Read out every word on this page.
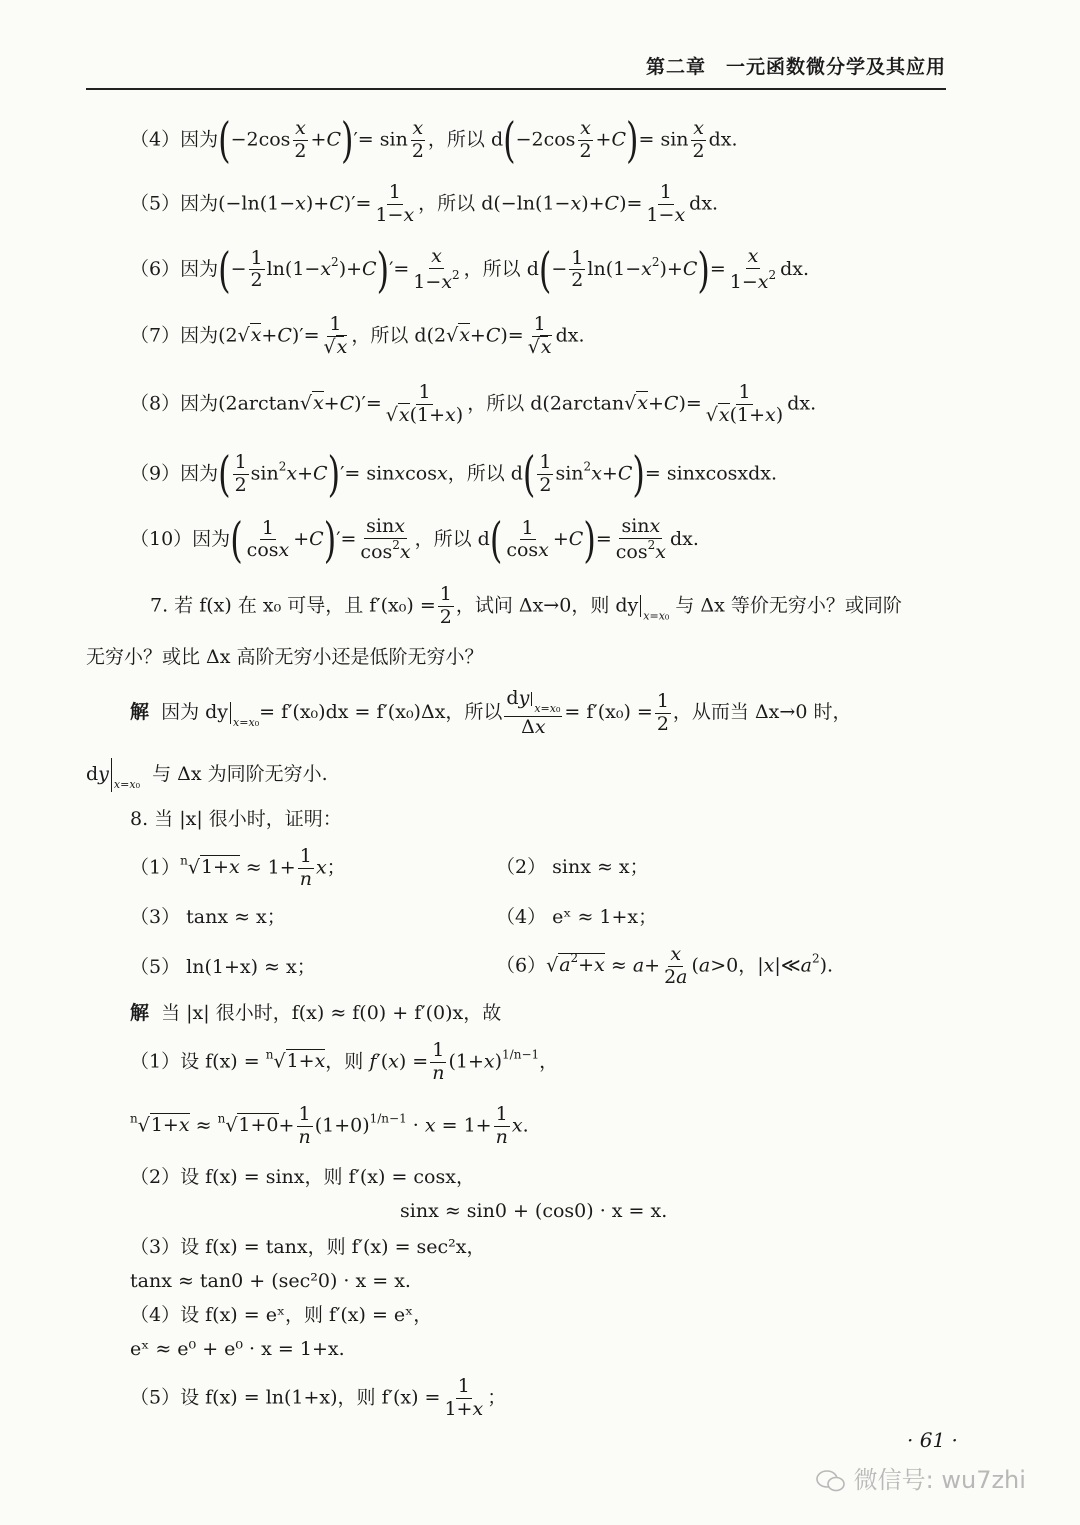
第二章　一元函数微分学及其应用
（4）因为$(-2\cos \frac{x}{2} +C)'= \sin \frac{x}{2}$ ，所以 $d(-2\cos \frac{x}{2} +C)= \sin \frac{x}{2}$ dx.
（5）因为$(-\ln(1-x)+C)'= \frac{1}{1-x}$ ，所以 $d(-\ln(1-x)+C)= \frac{1}{1-x}$ dx.
（6）因为(− $\frac{1}{2} \ln(1-x^2)+C)'= \frac{x}{1-x^2}$ ，所以 $d(- \frac{1}{2} \ln(1-x^2)+C)= \frac{x}{1-x^2}$ dx.
（7）因为$(2√x+C)'= \frac{1}{√x}$ ，所以 $d(2√x+C)= \frac{1}{√x}$ dx.
（8）因为$(2\arctan√x+C)'= \frac{1}{√x(1+x)}$ ，所以 $d(2\arctan√x+C)= \frac{1}{√x(1+x)}$ dx.
（9）因为( $\frac{1}{2} \sin^2x+C)'=$ sinxcosx，所以 $d( \frac{1}{2} \sin^2x+C)=$ sinxcosxdx.
（10）因为( $\frac{1}{\cos x} +C)'= \frac{\sin x}{\cos^2x}$ ，所以 $d( \frac{1}{\cos x} +C)= \frac{\sin x}{\cos^2x}$ dx.
7. 若 f(x) 在 x₀ 可导，且 $f'(x_0) = \frac{1}{2}$ ，试问 Δx→0，则 dy $_{x=x_0}$ 与 Δx 等价无穷小？或同阶
无穷小？或比 Δx 高阶无穷小还是低阶无穷小？
解 因为 dy $_{x=x_0}$= f′(x₀)dx = f′(x₀)Δx，所以 $\frac{dy _{x=x_0}}{\Delta x} = f'(x_0) = \frac{1}{2}$ ，从而当 Δx→0 时，
dy $_{x=x_0}$ 与 Δx 为同阶无穷小.
8. 当 |x| 很小时，证明：
$(1)^n√1+x \approx 1+ \frac{1}{n}$ x；	（2） sinx ≈ x；
（3） tanx ≈ x；	（4） eˣ ≈ 1+x；
（5） ln(1+x) ≈ x；	$(6)√a^2+x \approx a+ \frac{x}{2a} (a>0$，$|x|≪a^2$).
解 当 |x| 很小时，f(x) ≈ f(0) + f′(0)x，故
（1）设 f(x) = $^n$√1+x，则 $f'(x) = \frac{1}{n} (1+x)^{1/n-1}$，
$^n√1+x \approx ^n√1+0+ \frac{1}{n} (1+0)^{1/n-1} \cdot x = 1+ \frac{1}{n} x$.
（2）设 f(x) = sinx，则 f′(x) = cosx，
sinx ≈ sin0 + (cos0) · x = x.
（3）设 f(x) = tanx，则 f′(x) = sec²x，
tanx ≈ tan0 + (sec²0) · x = x.
（4）设 f(x) = eˣ，则 f′(x) = eˣ，
eˣ ≈ e⁰ + e⁰ · x = 1+x.
（5）设 f(x) = ln(1+x)，则 $f'(x) = \frac{1}{1+x}$ ；
· 61 ·
微信号: wu7zhi
